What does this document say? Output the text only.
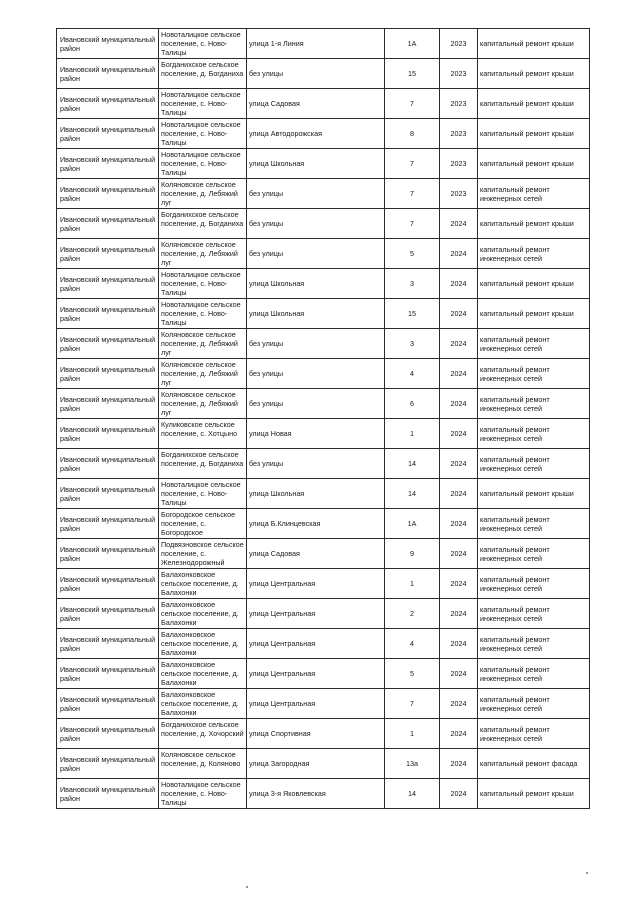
Ивановский муниципальный район	Новоталицкое сельское поселение, с. Ново-Талицы	улица 1-я Линия	1А	2023	капитальный ремонт крыши
Ивановский муниципальный район	Богданихское сельское поселение, д. Богданиха	без улицы	15	2023	капитальный ремонт крыши
Ивановский муниципальный район	Новоталицкое сельское поселение, с. Ново-Талицы	улица Садовая	7	2023	капитальный ремонт крыши
Ивановский муниципальный район	Новоталицкое сельское поселение, с. Ново-Талицы	улица Автодорожская	8	2023	капитальный ремонт крыши
Ивановский муниципальный район	Новоталицкое сельское поселение, с. Ново-Талицы	улица Школьная	7	2023	капитальный ремонт крыши
Ивановский муниципальный район	Коляновское сельское поселение, д. Лебяжий луг	без улицы	7	2023	капитальный ремонт инженерных сетей
Ивановский муниципальный район	Богданихское сельское поселение, д. Богданиха	без улицы	7	2024	капитальный ремонт крыши
Ивановский муниципальный район	Коляновское сельское поселение, д. Лебяжий луг	без улицы	5	2024	капитальный ремонт инженерных сетей
Ивановский муниципальный район	Новоталицкое сельское поселение, с. Ново-Талицы	улица Школьная	3	2024	капитальный ремонт крыши
Ивановский муниципальный район	Новоталицкое сельское поселение, с. Ново-Талицы	улица Школьная	15	2024	капитальный ремонт крыши
Ивановский муниципальный район	Коляновское сельское поселение, д. Лебяжий луг	без улицы	3	2024	капитальный ремонт инженерных сетей
Ивановский муниципальный район	Коляновское сельское поселение, д. Лебяжий луг	без улицы	4	2024	капитальный ремонт инженерных сетей
Ивановский муниципальный район	Коляновское сельское поселение, д. Лебяжий луг	без улицы	6	2024	капитальный ремонт инженерных сетей
Ивановский муниципальный район	Куликовское сельское поселение, с. Хотцыно	улица Новая	1	2024	капитальный ремонт инженерных сетей
Ивановский муниципальный район	Богданихское сельское поселение, д. Богданиха	без улицы	14	2024	капитальный ремонт инженерных сетей
Ивановский муниципальный район	Новоталицкое сельское поселение, с. Ново-Талицы	улица Школьная	14	2024	капитальный ремонт крыши
Ивановский муниципальный район	Богородское сельское поселение, с. Богородское	улица Б.Клинцевская	1А	2024	капитальный ремонт инженерных сетей
Ивановский муниципальный район	Подвязновское сельское поселение, с. Железнодорожный	улица Садовая	9	2024	капитальный ремонт инженерных сетей
Ивановский муниципальный район	Балахонковское сельское поселение, д. Балахонки	улица Центральная	1	2024	капитальный ремонт инженерных сетей
Ивановский муниципальный район	Балахонковское сельское поселение, д. Балахонки	улица Центральная	2	2024	капитальный ремонт инженерных сетей
Ивановский муниципальный район	Балахонковское сельское поселение, д. Балахонки	улица Центральная	4	2024	капитальный ремонт инженерных сетей
Ивановский муниципальный район	Балахонковское сельское поселение, д. Балахонки	улица Центральная	5	2024	капитальный ремонт инженерных сетей
Ивановский муниципальный район	Балахонковское сельское поселение, д. Балахонки	улица Центральная	7	2024	капитальный ремонт инженерных сетей
Ивановский муниципальный район	Богданихское сельское поселение, д. Хочорский	улица Спортивная	1	2024	капитальный ремонт инженерных сетей
Ивановский муниципальный район	Коляновское сельское поселение, д. Коляново	улица Загородная	13а	2024	капитальный ремонт фасада
Ивановский муниципальный район	Новоталицкое сельское поселение, с. Ново-Талицы	улица 3-я Яковлевская	14	2024	капитальный ремонт крыши
